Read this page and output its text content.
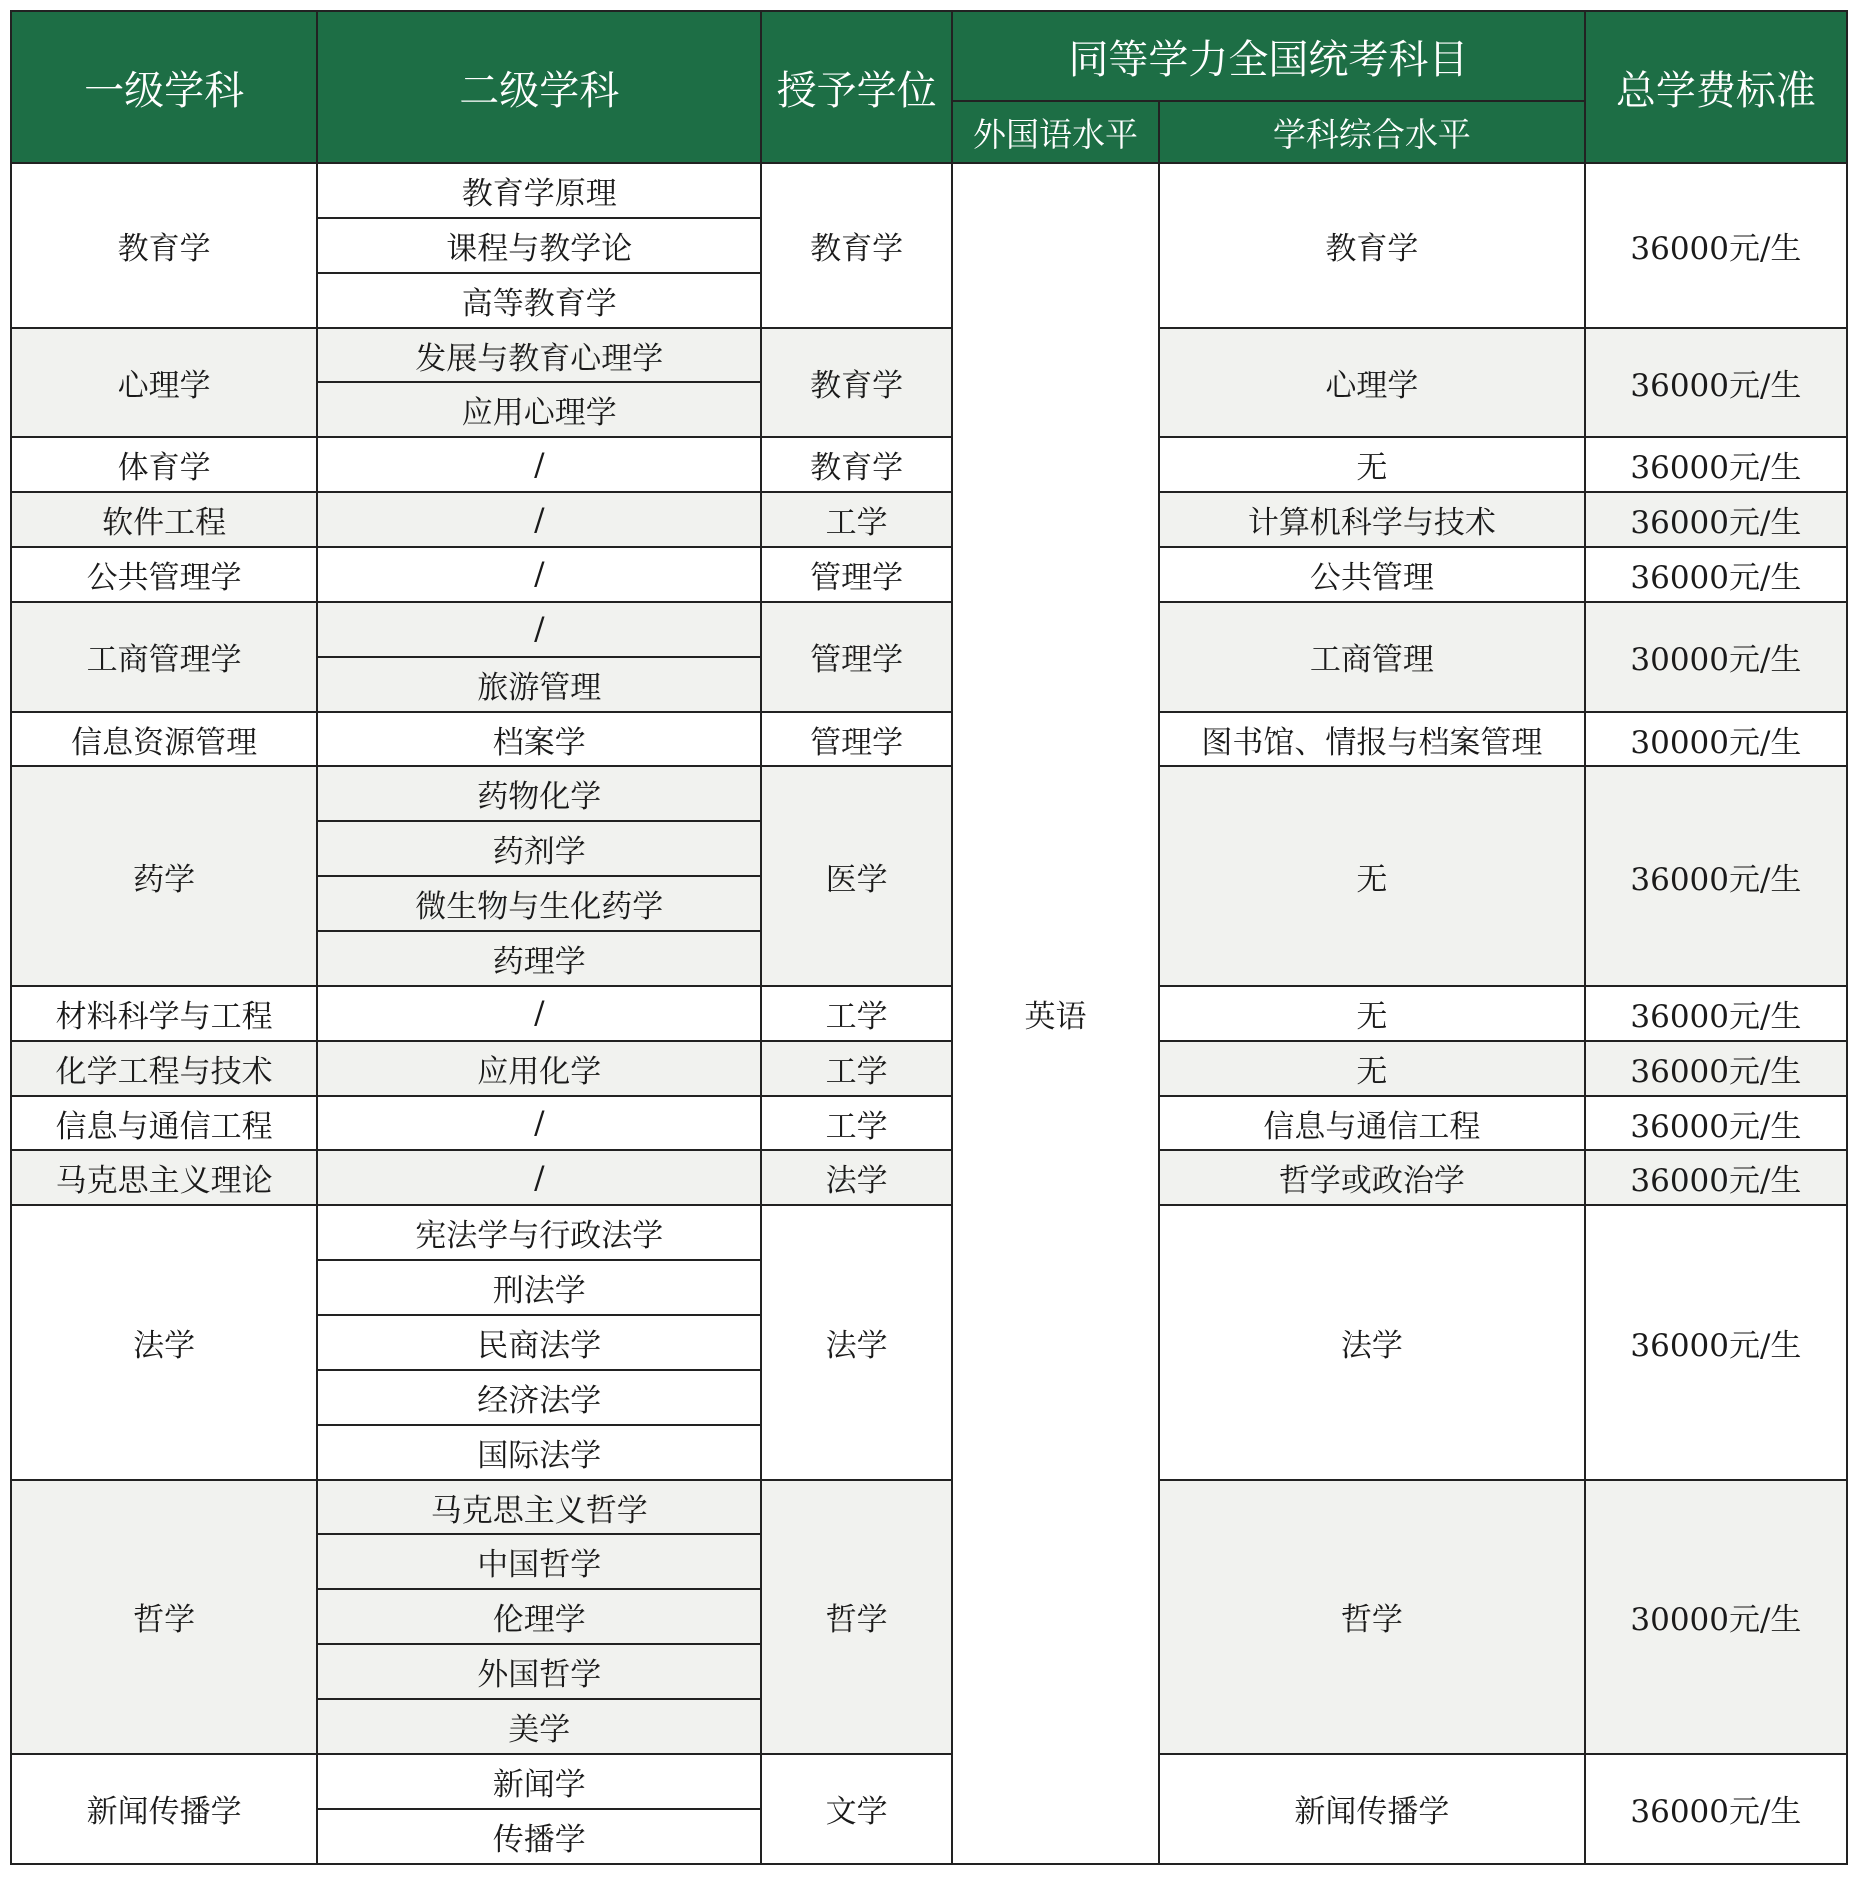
一级学科	二级学科	授予学位	同等学力全国统考科目		总学费标准
			外国语水平	学科综合水平	
教育学	教育学原理	教育学	英语	教育学	36000元/生
	课程与教学论				
	高等教育学				
心理学	发展与教育心理学	教育学		心理学	36000元/生
	应用心理学				
体育学	/	教育学		无	36000元/生
软件工程	/	工学		计算机科学与技术	36000元/生
公共管理学	/	管理学		公共管理	36000元/生
工商管理学	/	管理学		工商管理	30000元/生
	旅游管理				
信息资源管理	档案学	管理学		图书馆、情报与档案管理	30000元/生
药学	药物化学	医学		无	36000元/生
	药剂学				
	微生物与生化药学				
	药理学				
材料科学与工程	/	工学		无	36000元/生
化学工程与技术	应用化学	工学		无	36000元/生
信息与通信工程	/	工学		信息与通信工程	36000元/生
马克思主义理论	/	法学		哲学或政治学	36000元/生
法学	宪法学与行政法学	法学		法学	36000元/生
	刑法学				
	民商法学				
	经济法学				
	国际法学				
哲学	马克思主义哲学	哲学		哲学	30000元/生
	中国哲学				
	伦理学				
	外国哲学				
	美学				
新闻传播学	新闻学	文学		新闻传播学	36000元/生
	传播学				
